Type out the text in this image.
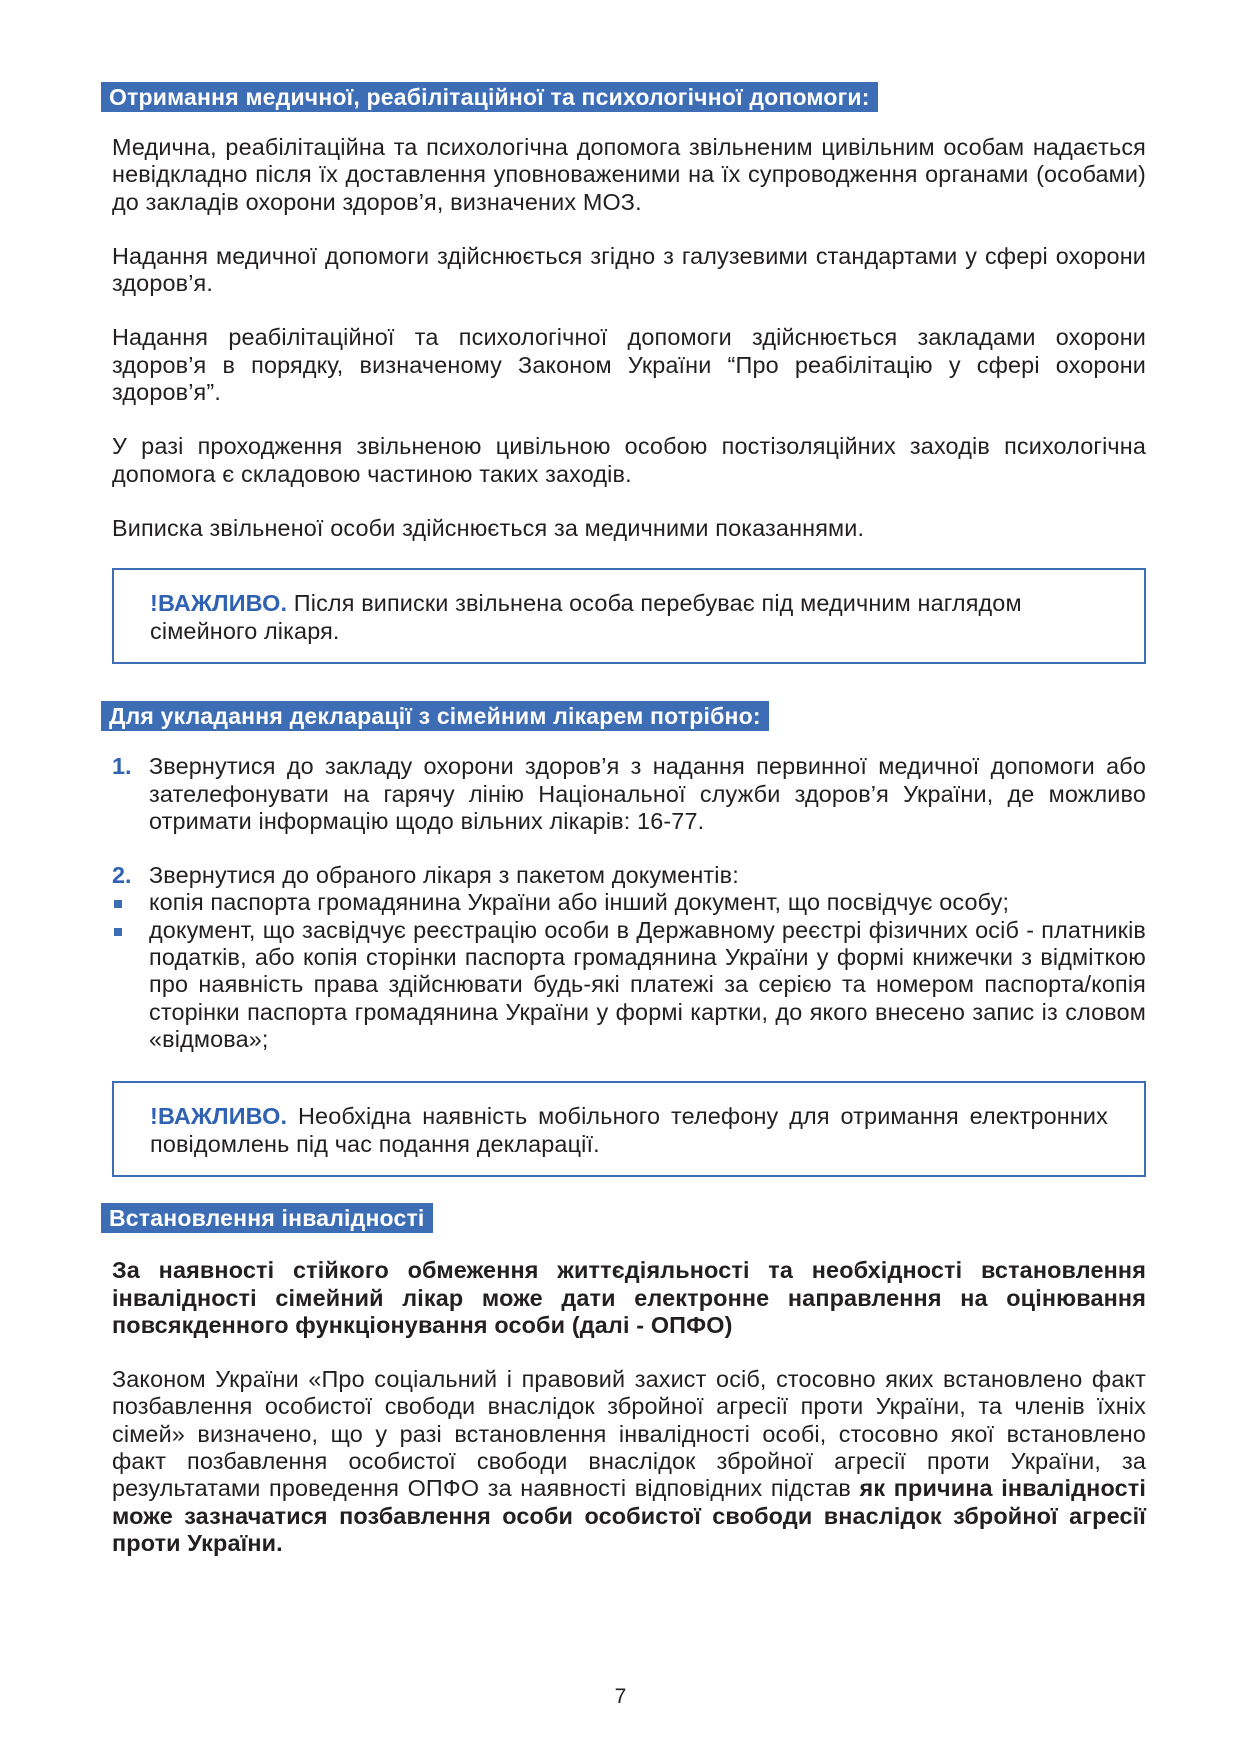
Отримання медичної, реабілітаційної та психологічної допомоги:

Медична, реабілітаційна та психологічна допомога звільненим цивільним особам надається невідкладно після їх доставлення уповноваженими на їх супроводження органами (особами) до закладів охорони здоров’я, визначених МОЗ.

Надання медичної допомоги здійснюється згідно з галузевими стандартами у сфері охорони здоров’я.

Надання реабілітаційної та психологічної допомоги здійснюється закладами охорони здоров’я в порядку, визначеному Законом України “Про реабілітацію у сфері охорони здоров’я”.

У разі проходження звільненою цивільною особою постізоляційних заходів психологічна допомога є складовою частиною таких заходів.

Виписка звільненої особи здійснюється за медичними показаннями.

!ВАЖЛИВО. Після виписки звільнена особа перебуває під медичним наглядом сімейного лікаря.

Для укладання декларації з сімейним лікарем потрібно:
1. Звернутися до закладу охорони здоров’я з надання первинної медичної допомоги або зателефонувати на гарячу лінію Національної служби здоров’я України, де можливо отримати інформацію щодо вільних лікарів: 16-77.
2. Звернутися до обраного лікаря з пакетом документів:
копія паспорта громадянина України або інший документ, що посвідчує особу;
документ, що засвідчує реєстрацію особи в Державному реєстрі фізичних осіб - платників податків, або копія сторінки паспорта громадянина України у формі книжечки з відміткою про наявність права здійснювати будь-які платежі за серією та номером паспорта/копія сторінки паспорта громадянина України у формі картки, до якого внесено запис із словом «відмова»;

!ВАЖЛИВО. Необхідна наявність мобільного телефону для отримання електронних повідомлень під час подання декларації.

Встановлення інвалідності

За наявності стійкого обмеження життєдіяльності та необхідності встановлення інвалідності сімейний лікар може дати електронне направлення на оцінювання повсякденного функціонування особи (далі - ОПФО)

Законом України «Про соціальний і правовий захист осіб, стосовно яких встановлено факт позбавлення особистої свободи внаслідок збройної агресії проти України, та членів їхніх сімей» визначено, що у разі встановлення інвалідності особі, стосовно якої встановлено факт позбавлення особистої свободи внаслідок збройної агресії проти України, за результатами проведення ОПФО за наявності відповідних підстав як причина інвалідності може зазначатися позбавлення особи особистої свободи внаслідок збройної агресії проти України.

7
